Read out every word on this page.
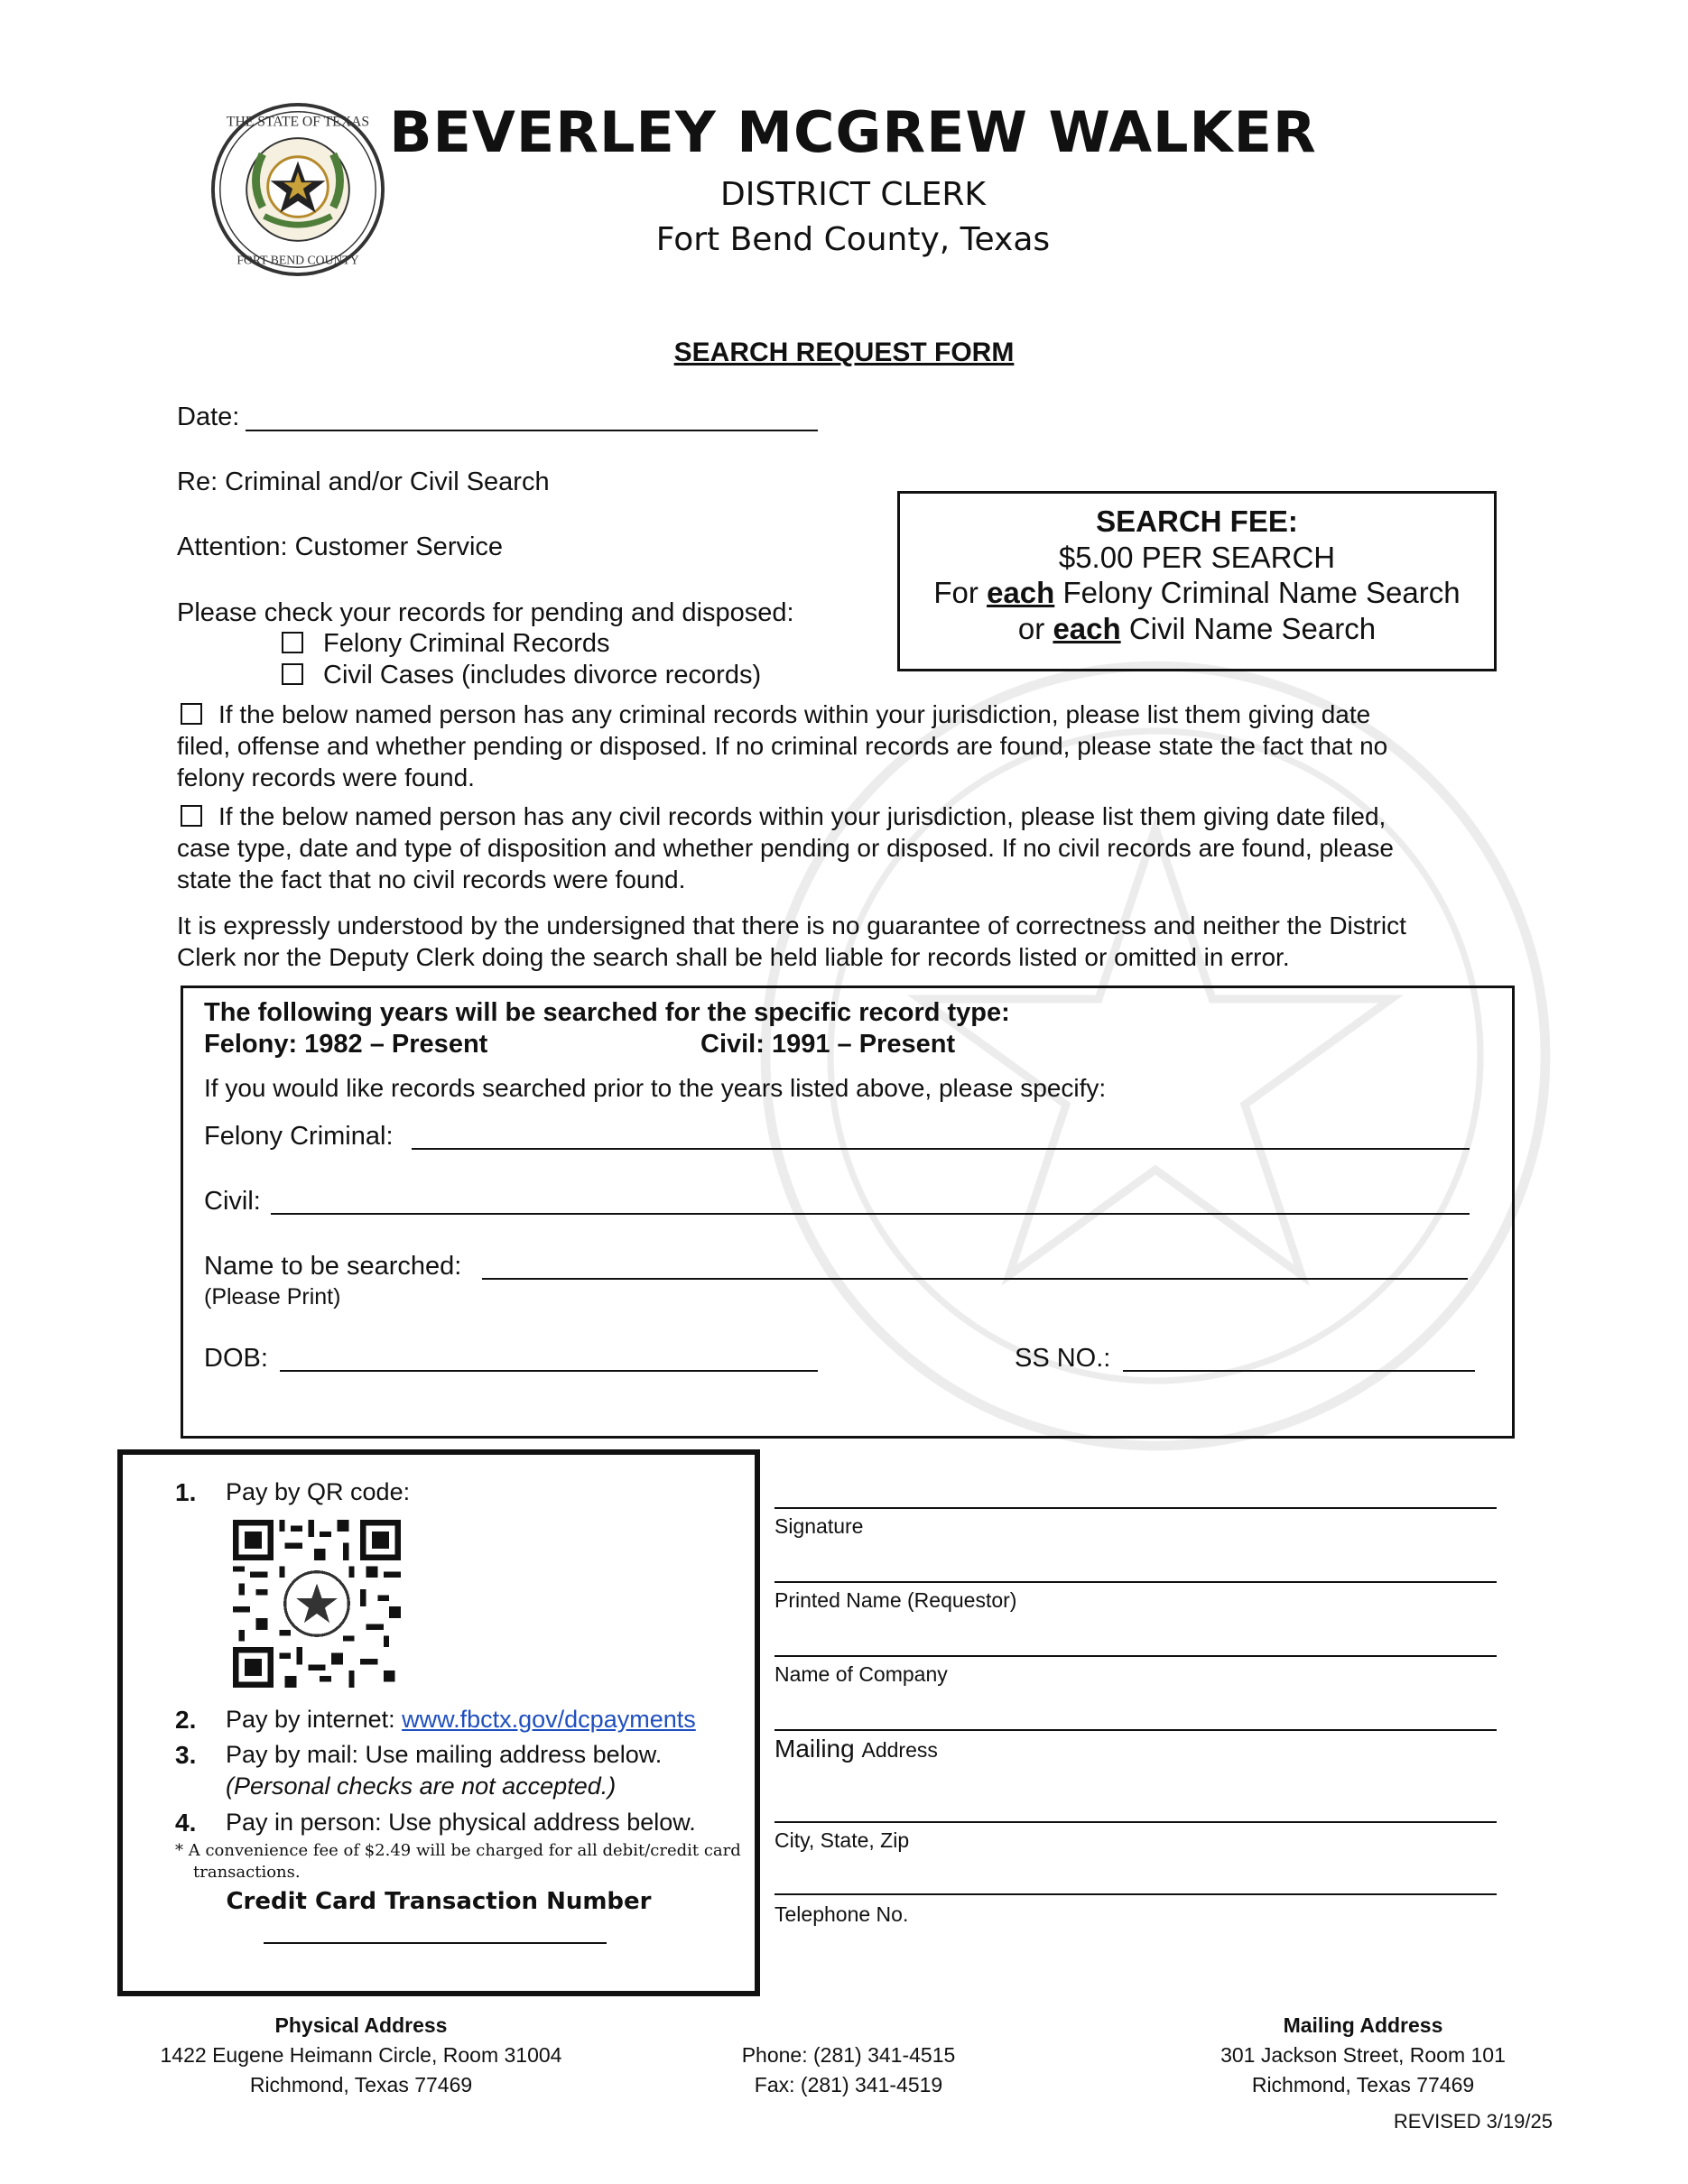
THE STATE OF TEXAS
FORT BEND COUNTY
BEVERLEY MCGREW WALKER
DISTRICT CLERK
Fort Bend County, Texas
SEARCH REQUEST FORM
Date:
Re: Criminal and/or Civil Search
Attention: Customer Service
Please check your records for pending and disposed:
Felony Criminal Records
Civil Cases (includes divorce records)
SEARCH FEE:
$5.00 PER SEARCH
For each Felony Criminal Name Search
or each Civil Name Search
If the below named person has any criminal records within your jurisdiction, please list them giving date
filed, offense and whether pending or disposed. If no criminal records are found, please state the fact that no
felony records were found.
If the below named person has any civil records within your jurisdiction, please list them giving date filed,
case type, date and type of disposition and whether pending or disposed. If no civil records are found, please
state the fact that no civil records were found.
It is expressly understood by the undersigned that there is no guarantee of correctness and neither the District
Clerk nor the Deputy Clerk doing the search shall be held liable for records listed or omitted in error.
The following years will be searched for the specific record type:
Felony: 1982 – Present	Civil: 1991 – Present
If you would like records searched prior to the years listed above, please specify:
Felony Criminal:
Civil:
Name to be searched:
(Please Print)
DOB:	SS NO.:
1. Pay by QR code:
2. Pay by internet: www.fbctx.gov/dcpayments
3. Pay by mail: Use mailing address below.
(Personal checks are not accepted.)
4. Pay in person: Use physical address below.
* A convenience fee of $2.49 will be charged for all debit/credit card
transactions.
Credit Card Transaction Number
Signature
Printed Name (Requestor)
Name of Company
Mailing Address
City, State, Zip
Telephone No.
Physical Address
1422 Eugene Heimann Circle, Room 31004
Richmond, Texas 77469
Phone: (281) 341-4515
Fax: (281) 341-4519
Mailing Address
301 Jackson Street, Room 101
Richmond, Texas 77469
REVISED 3/19/25
